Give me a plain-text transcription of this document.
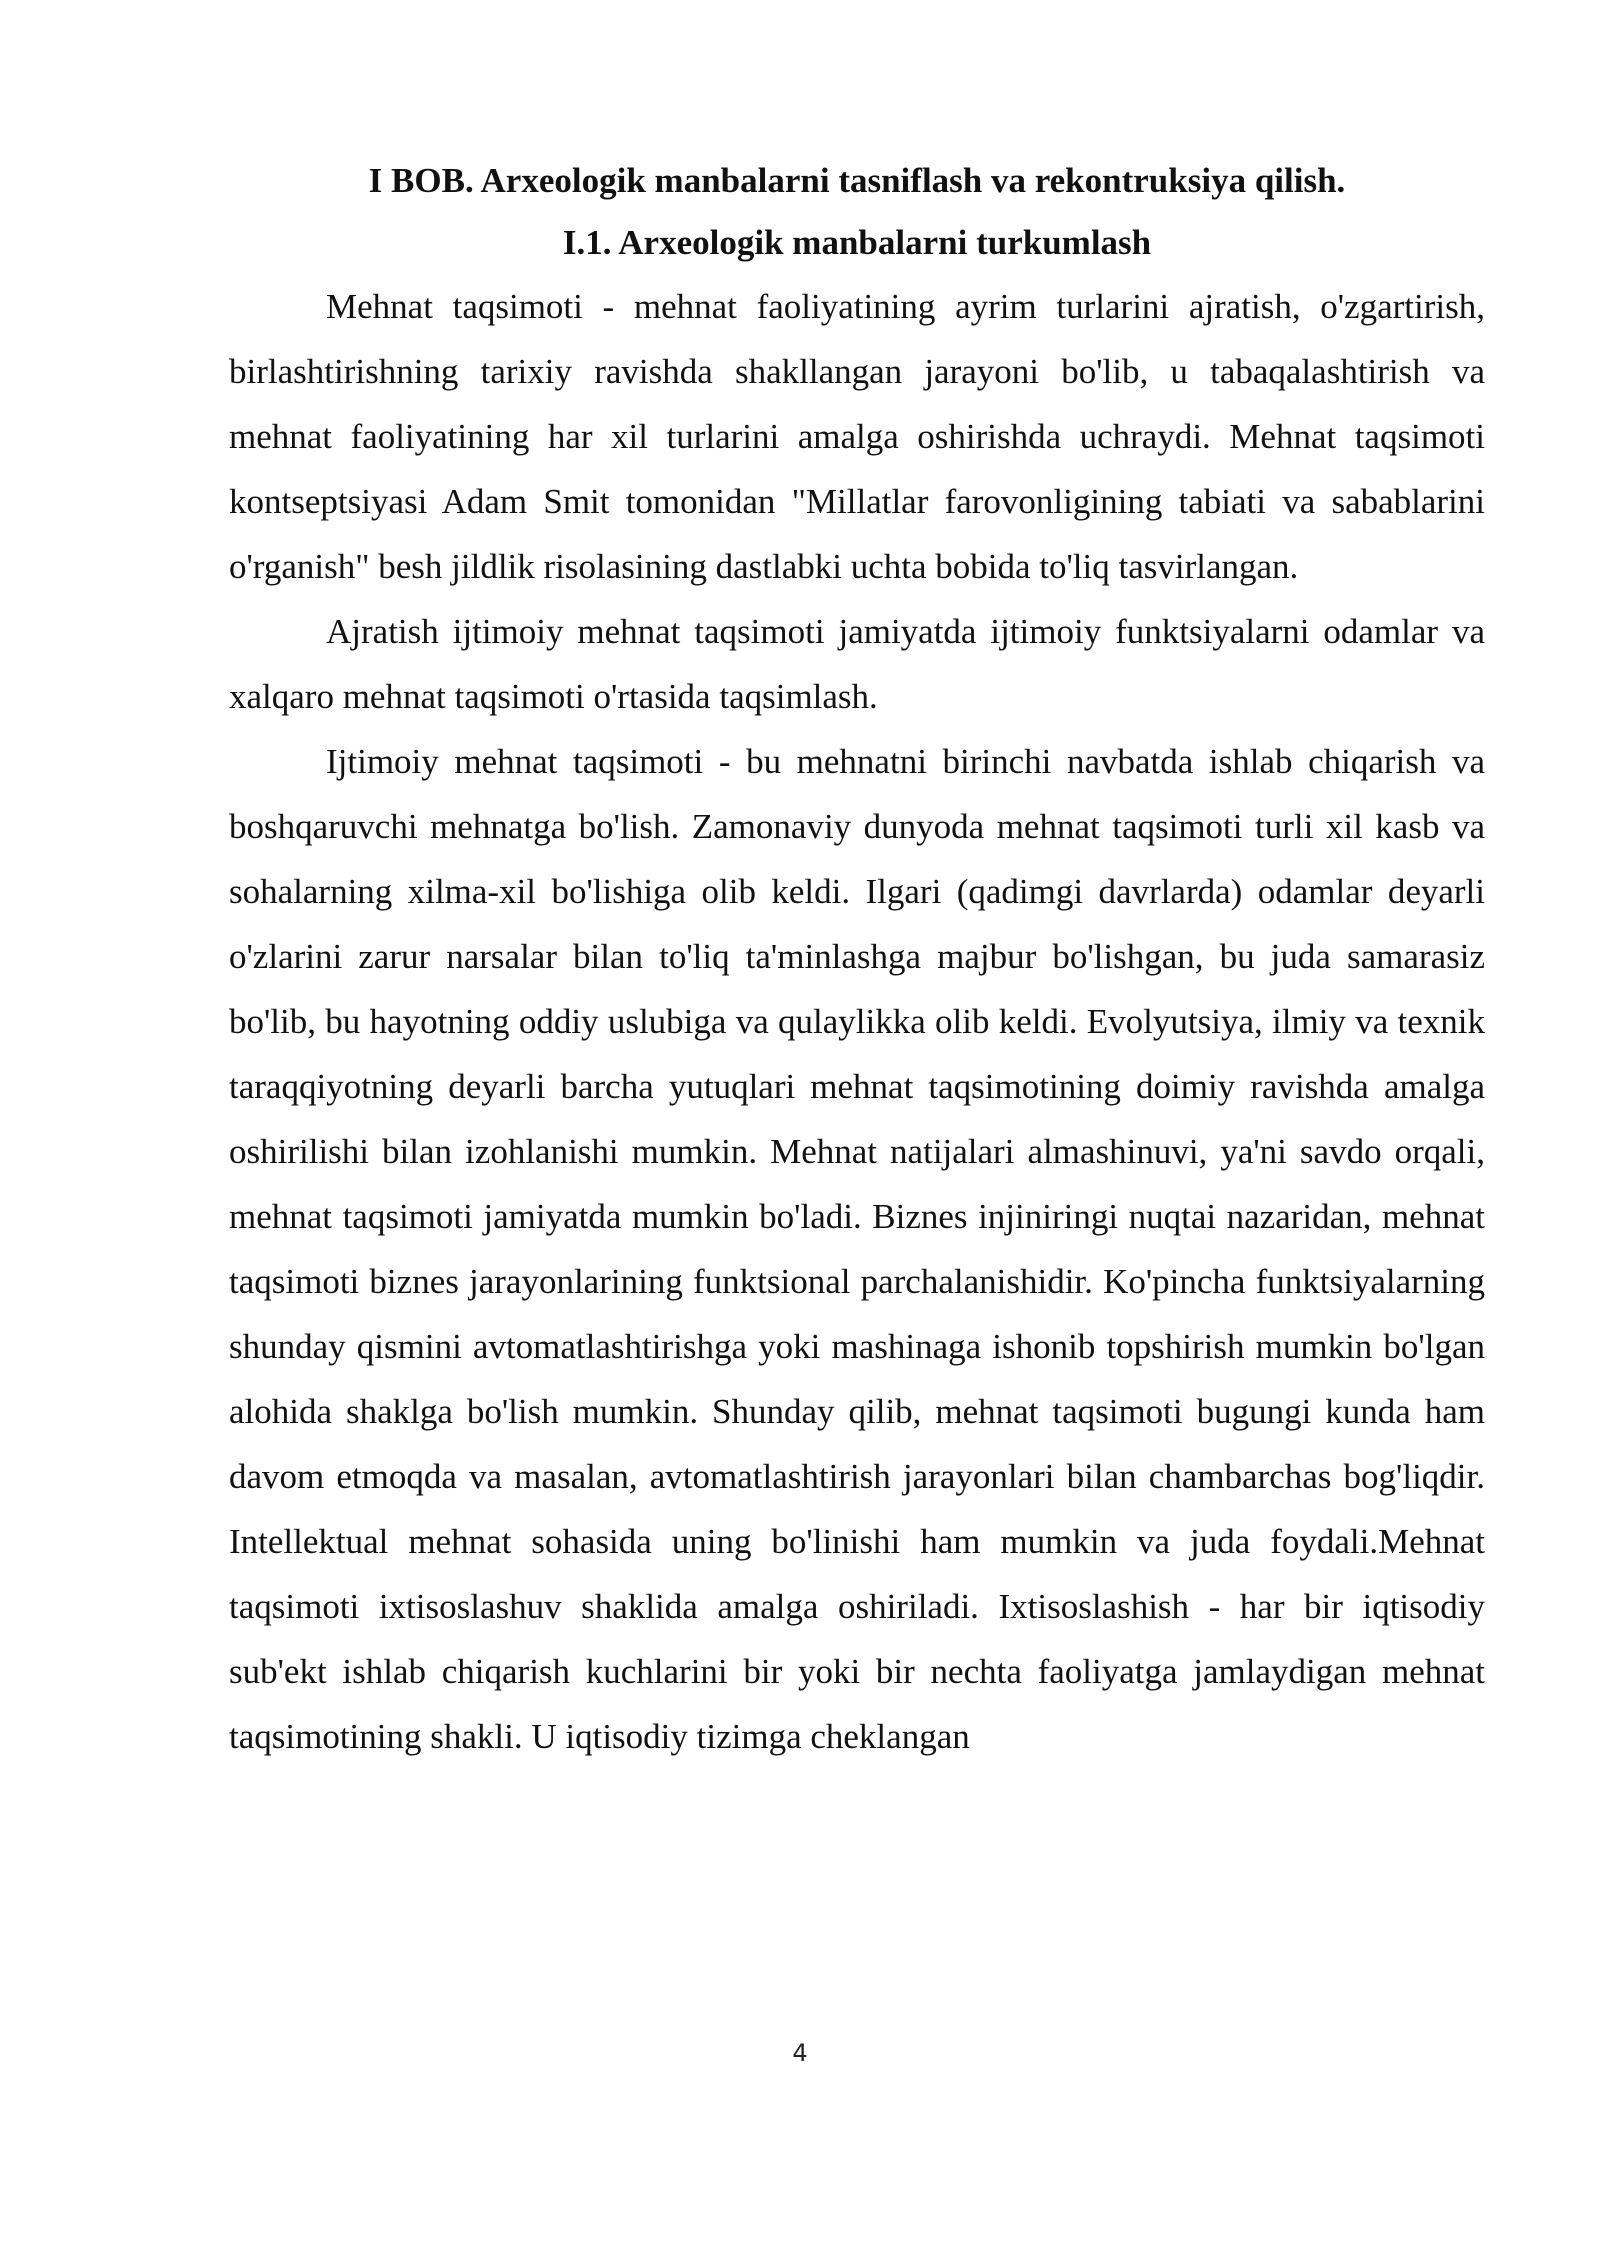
I BOB. Arxeologik manbalarni tasniflash va rekontruksiya qilish.
I.1. Arxeologik manbalarni turkumlash

Mehnat taqsimoti - mehnat faoliyatining ayrim turlarini ajratish, o'zgartirish, birlashtirishning tarixiy ravishda shakllangan jarayoni bo'lib, u tabaqalashtirish va mehnat faoliyatining har xil turlarini amalga oshirishda uchraydi. Mehnat taqsimoti kontseptsiyasi Adam Smit tomonidan "Millatlar farovonligining tabiati va sabablarini o'rganish" besh jildlik risolasining dastlabki uchta bobida to'liq tasvirlangan.

Ajratish ijtimoiy mehnat taqsimoti jamiyatda ijtimoiy funktsiyalarni odamlar va xalqaro mehnat taqsimoti o'rtasida taqsimlash.

Ijtimoiy mehnat taqsimoti - bu mehnatni birinchi navbatda ishlab chiqarish va boshqaruvchi mehnatga bo'lish. Zamonaviy dunyoda mehnat taqsimoti turli xil kasb va sohalarning xilma-xil bo'lishiga olib keldi. Ilgari (qadimgi davrlarda) odamlar deyarli o'zlarini zarur narsalar bilan to'liq ta'minlashga majbur bo'lishgan, bu juda samarasiz bo'lib, bu hayotning oddiy uslubiga va qulaylikka olib keldi. Evolyutsiya, ilmiy va texnik taraqqiyotning deyarli barcha yutuqlari mehnat taqsimotining doimiy ravishda amalga oshirilishi bilan izohlanishi mumkin. Mehnat natijalari almashinuvi, ya'ni savdo orqali, mehnat taqsimoti jamiyatda mumkin bo'ladi. Biznes injiniringi nuqtai nazaridan, mehnat taqsimoti biznes jarayonlarining funktsional parchalanishidir. Ko'pincha funktsiyalarning shunday qismini avtomatlashtirishga yoki mashinaga ishonib topshirish mumkin bo'lgan alohida shaklga bo'lish mumkin. Shunday qilib, mehnat taqsimoti bugungi kunda ham davom etmoqda va masalan, avtomatlashtirish jarayonlari bilan chambarchas bog'liqdir. Intellektual mehnat sohasida uning bo'linishi ham mumkin va juda foydali.Mehnat taqsimoti ixtisoslashuv shaklida amalga oshiriladi. Ixtisoslashish - har bir iqtisodiy sub'ekt ishlab chiqarish kuchlarini bir yoki bir nechta faoliyatga jamlaydigan mehnat taqsimotining shakli. U iqtisodiy tizimga cheklangan

4
